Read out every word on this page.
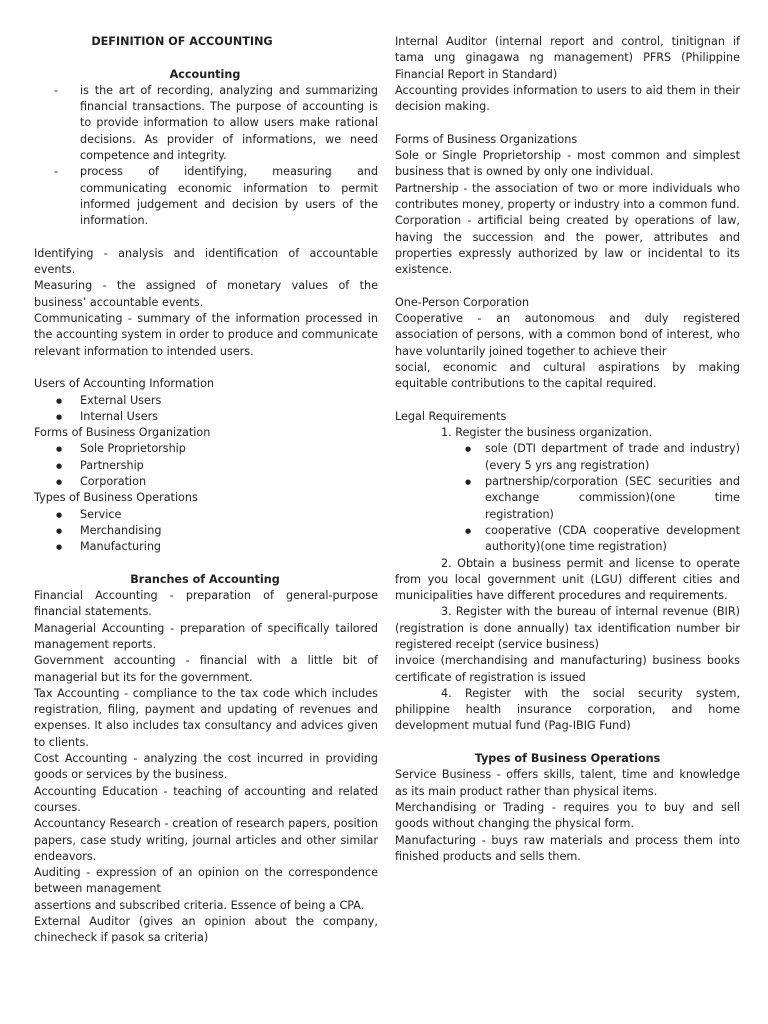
DEFINITION OF ACCOUNTING

Accounting

-	is the art of recording, analyzing and summarizing financial transactions. The purpose of accounting is to provide information to allow users make rational decisions. As provider of informations, we need competence and integrity.
-	process of identifying, measuring and communicating economic information to permit informed judgement and decision by users of the information.

Identifying - analysis and identification of accountable events.

Measuring - the assigned of monetary values of the business’ accountable events.

Communicating - summary of the information processed in the accounting system in order to produce and communicate relevant information to intended users.

Users of Accounting Information

● External Users
● Internal Users

Forms of Business Organization

● Sole Proprietorship
● Partnership
● Corporation

Types of Business Operations

● Service
● Merchandising
● Manufacturing

Branches of Accounting

Financial Accounting - preparation of general-purpose financial statements.

Managerial Accounting - preparation of specifically tailored management reports.

Government accounting - financial with a little bit of managerial but its for the government.

Tax Accounting - compliance to the tax code which includes registration, filing, payment and updating of revenues and expenses. It also includes tax consultancy and advices given to clients.

Cost Accounting - analyzing the cost incurred in providing goods or services by the business.

Accounting Education - teaching of accounting and related courses.

Accountancy Research - creation of research papers, position papers, case study writing, journal articles and other similar endeavors.

Auditing - expression of an opinion on the correspondence between management

assertions and subscribed criteria. Essence of being a CPA.

External Auditor (gives an opinion about the company, chinecheck if pasok sa criteria)

Internal Auditor (internal report and control, tinitignan if tama ung ginagawa ng management) PFRS (Philippine Financial Report in Standard)

Accounting provides information to users to aid them in their decision making.

Forms of Business Organizations

Sole or Single Proprietorship - most common and simplest business that is owned by only one individual.

Partnership - the association of two or more individuals who contributes money, property or industry into a common fund.

Corporation - artificial being created by operations of law, having the succession and the power, attributes and properties expressly authorized by law or incidental to its existence.

One-Person Corporation

Cooperative - an autonomous and duly registered association of persons, with a common bond of interest, who have voluntarily joined together to achieve their

social, economic and cultural aspirations by making equitable contributions to the capital required.

Legal Requirements

1. Register the business organization.

● sole (DTI department of trade and industry)(every 5 yrs ang registration)
● partnership/corporation (SEC securities and exchange commission)(one time registration)
● cooperative (CDA cooperative development authority)(one time registration)

2. Obtain a business permit and license to operate from you local government unit (LGU) different cities and municipalities have different procedures and requirements.

3. Register with the bureau of internal revenue (BIR)(registration is done annually) tax identification number bir registered receipt (service business)

invoice (merchandising and manufacturing) business books certificate of registration is issued

4. Register with the social security system, philippine health insurance corporation, and home development mutual fund (Pag-IBIG Fund)

Types of Business Operations

Service Business - offers skills, talent, time and knowledge as its main product rather than physical items.

Merchandising or Trading - requires you to buy and sell goods without changing the physical form.

Manufacturing - buys raw materials and process them into finished products and sells them.
